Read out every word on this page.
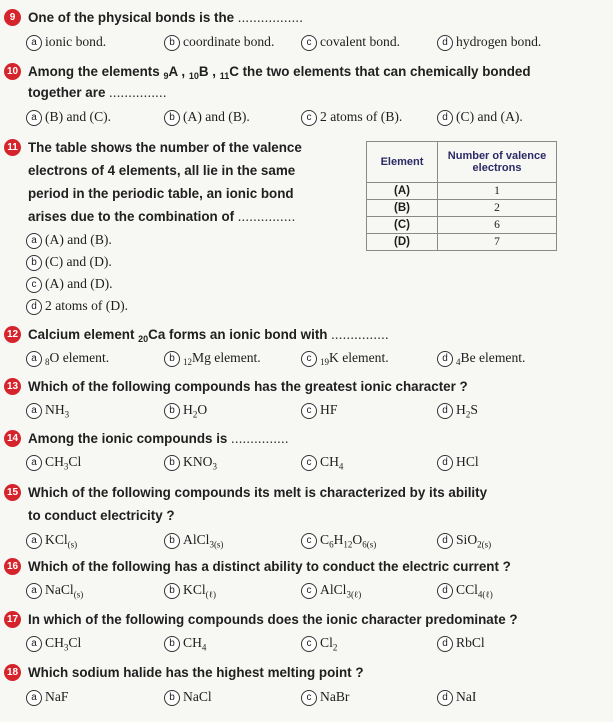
9 One of the physical bonds is the .................
a ionic bond.	b coordinate bond.	c covalent bond.	d hydrogen bond.
10 Among the elements $_9$A , $_{10}$B , $_{11}$C the two elements that can chemically bonded
together are ...............
a (B) and (C).	b (A) and (B).	c 2 atoms of (B).	d (C) and (A).
11 The table shows the number of the valence
electrons of 4 elements, all lie in the same
period in the periodic table, an ionic bond
arises due to the combination of ...............
a (A) and (B).
b (C) and (D).
c (A) and (D).
d 2 atoms of (D).
Element	Number of valence electrons
(A)	1
(B)	2
(C)	6
(D)	7
12 Calcium element $_{20}$Ca forms an ionic bond with ...............
a $_8$O element.	b $_{12}$Mg element.	c $_{19}$K element.	d $_4$Be element.
13 Which of the following compounds has the greatest ionic character ?
a $NH_3$	b $H_2O$	c HF	d $H_2S$
14 Among the ionic compounds is ...............
a $CH_3Cl$	b $KNO_3$	c $CH_4$	d HCl
15 Which of the following compounds its melt is characterized by its ability
to conduct electricity ?
a KCl$_{(s)}$	b AlCl$_{3(s)}$	c $C_6H_{12}O_{6(s)}$	d SiO$_{2(s)}$
16 Which of the following has a distinct ability to conduct the electric current ?
a NaCl$_{(s)}$	b KCl$_{(\ell)}$	c AlCl$_{3(\ell)}$	d CCl$_{4(\ell)}$
17 In which of the following compounds does the ionic character predominate ?
a $CH_3Cl$	b $CH_4$	c $Cl_2$	d RbCl
18 Which sodium halide has the highest melting point ?
a NaF	b NaCl	c NaBr	d NaI
